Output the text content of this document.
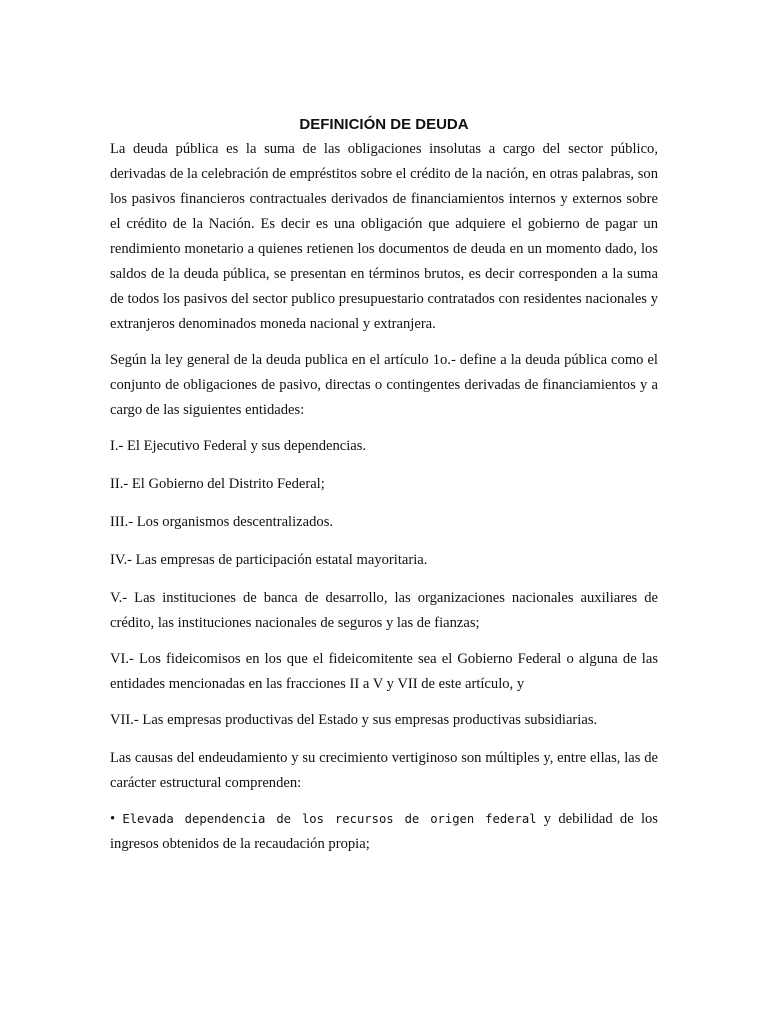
DEFINICIÓN DE DEUDA

La deuda pública es la suma de las obligaciones insolutas a cargo del sector público, derivadas de la celebración de empréstitos sobre el crédito de la nación, en otras palabras, son los pasivos financieros contractuales derivados de financiamientos internos y externos sobre el crédito de la Nación. Es decir es una obligación que adquiere el gobierno de pagar un rendimiento monetario a quienes retienen los documentos de deuda en un momento dado, los saldos de la deuda pública, se presentan en términos brutos, es decir corresponden a la suma de todos los pasivos del sector publico presupuestario contratados con residentes nacionales y extranjeros denominados moneda nacional y extranjera.

Según la ley general de la deuda publica en el artículo 1o.- define a la deuda pública como el conjunto de obligaciones de pasivo, directas o contingentes derivadas de financiamientos y a cargo de las siguientes entidades:

I.- El Ejecutivo Federal y sus dependencias.

II.- El Gobierno del Distrito Federal;

III.- Los organismos descentralizados.

IV.- Las empresas de participación estatal mayoritaria.

V.- Las instituciones de banca de desarrollo, las organizaciones nacionales auxiliares de crédito, las instituciones nacionales de seguros y las de fianzas;

VI.- Los fideicomisos en los que el fideicomitente sea el Gobierno Federal o alguna de las entidades mencionadas en las fracciones II a V y VII de este artículo, y

VII.- Las empresas productivas del Estado y sus empresas productivas subsidiarias.

Las causas del endeudamiento y su crecimiento vertiginoso son múltiples y, entre ellas, las de carácter estructural comprenden:

• Elevada dependencia de los recursos de origen federal y debilidad de los ingresos obtenidos de la recaudación propia;
